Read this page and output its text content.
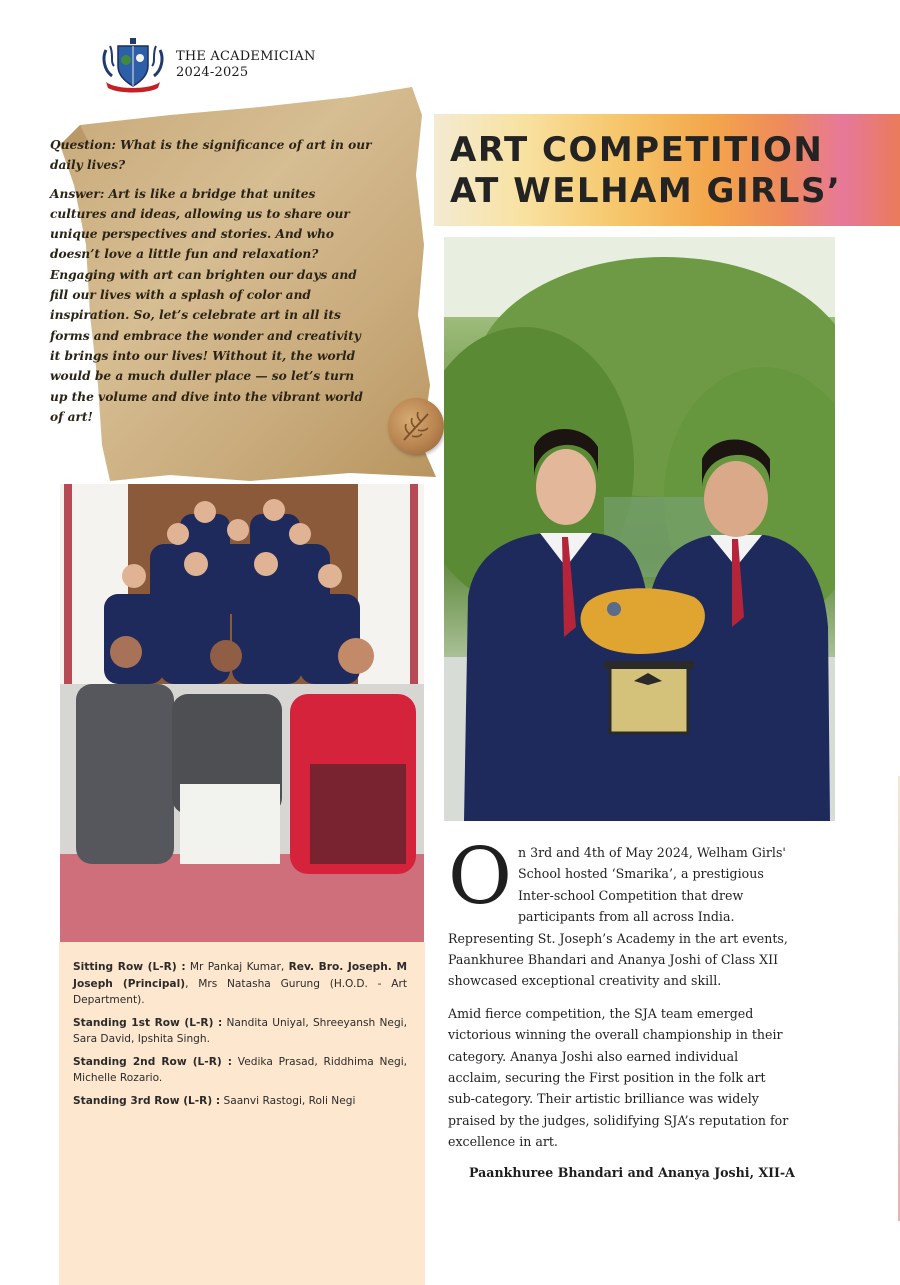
THE ACADEMICIAN
2024-2025

Question: What is the significance of art in our daily lives?

Answer: Art is like a bridge that unites cultures and ideas, allowing us to share our unique perspectives and stories. And who doesn’t love a little fun and relaxation? Engaging with art can brighten our days and fill our lives with a splash of color and inspiration. So, let’s celebrate art in all its forms and embrace the wonder and creativity it brings into our lives! Without it, the world would be a much duller place — so let’s turn up the volume and dive into the vibrant world of art!

ART COMPETITION
AT WELHAM GIRLS’

Sitting Row (L-R) : Mr Pankaj Kumar, Rev. Bro. Joseph. M Joseph (Principal), Mrs Natasha Gurung (H.O.D. - Art Department).

Standing 1st Row (L-R) : Nandita Uniyal, Shreeyansh Negi, Sara David, Ipshita Singh.

Standing 2nd Row (L-R) : Vedika Prasad, Riddhima Negi, Michelle Rozario.

Standing 3rd Row (L-R) : Saanvi Rastogi, Roli Negi

On 3rd and 4th of May 2024, Welham Girls' School hosted ‘Smarika’, a prestigious Inter-school Competition that drew participants from all across India. Representing St. Joseph’s Academy in the art events, Paankhuree Bhandari and Ananya Joshi of Class XII showcased exceptional creativity and skill.

Amid fierce competition, the SJA team emerged victorious winning the overall championship in their category. Ananya Joshi also earned individual acclaim, securing the First position in the folk art sub-category. Their artistic brilliance was widely praised by the judges, solidifying SJA’s reputation for excellence in art.

Paankhuree Bhandari and Ananya Joshi, XII-A
